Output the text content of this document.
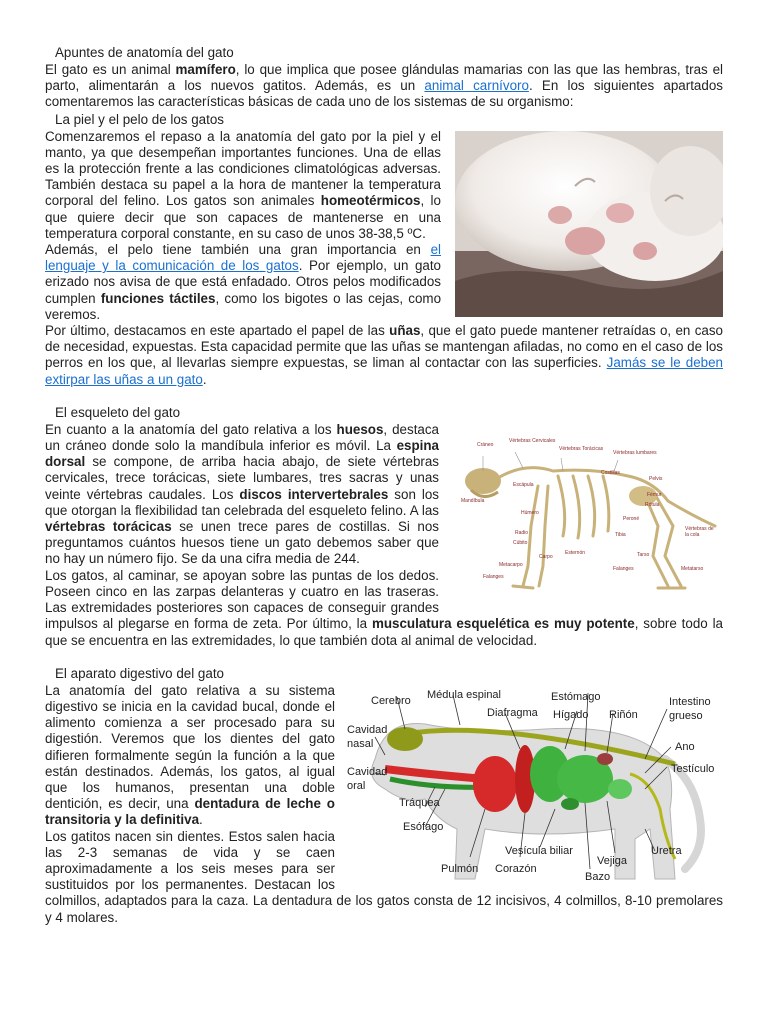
Apuntes de anatomía del gato

El gato es un animal mamífero, lo que implica que posee glándulas mamarias con las que las hembras, tras el parto, alimentarán a los nuevos gatitos. Además, es un animal carnívoro. En los siguientes apartados comentaremos las características básicas de cada uno de los sistemas de su organismo:

La piel y el pelo de los gatos

Comenzaremos el repaso a la anatomía del gato por la piel y el manto, ya que desempeñan importantes funciones. Una de ellas es la protección frente a las condiciones climatológicas adversas. También destaca su papel a la hora de mantener la temperatura corporal del felino. Los gatos son animales homeotérmicos, lo que quiere decir que son capaces de mantenerse en una temperatura corporal constante, en su caso de unos 38-38,5 ºC.

Además, el pelo tiene también una gran importancia en el lenguaje y la comunicación de los gatos. Por ejemplo, un gato erizado nos avisa de que está enfadado. Otros pelos modificados cumplen funciones táctiles, como los bigotes o las cejas, como veremos.

Por último, destacamos en este apartado el papel de las uñas, que el gato puede mantener retraídas o, en caso de necesidad, expuestas. Esta capacidad permite que las uñas se mantengan afiladas, no como en el caso de los perros en los que, al llevarlas siempre expuestas, se liman al contactar con las superficies. Jamás se le deben extirpar las uñas a un gato.

El esqueleto del gato
Cráneo
Vértebras Cervicales
Vértebras Torácicas
Vértebras lumbares
Escápula
Mandíbula
Húmero
Radio
Cúbito
Carpo
Metacarpo
Falanges
Esternón
Costillas
Pelvis
Fémur
Rótula
Peroné
Tibia
Tarso
Metatarso
Falanges
Vértebras de la cola

En cuanto a la anatomía del gato relativa a los huesos, destaca un cráneo donde solo la mandíbula inferior es móvil. La espina dorsal se compone, de arriba hacia abajo, de siete vértebras cervicales, trece torácicas, siete lumbares, tres sacras y unas veinte vértebras caudales. Los discos intervertebrales son los que otorgan la flexibilidad tan celebrada del esqueleto felino. A las vértebras torácicas se unen trece pares de costillas. Si nos preguntamos cuántos huesos tiene un gato debemos saber que no hay un número fijo. Se da una cifra media de 244.

Los gatos, al caminar, se apoyan sobre las puntas de los dedos. Poseen cinco en las zarpas delanteras y cuatro en las traseras. Las extremidades posteriores son capaces de conseguir grandes impulsos al plegarse en forma de zeta. Por último, la musculatura esquelética es muy potente, sobre todo la que se encuentra en las extremidades, lo que también dota al animal de velocidad.

El aparato digestivo del gato
Cerebro Médula espinal	Estómago	Intestino grueso
Diafragma Hígado Riñón
Cavidad nasal	Ano
Cavidad oral
Testículo
Tráquea
Esófago
Vesícula biliar
Vejiga
Uretra
Pulmón Corazón
Bazo

La anatomía del gato relativa a su sistema digestivo se inicia en la cavidad bucal, donde el alimento comienza a ser procesado para su digestión. Veremos que los dientes del gato difieren formalmente según la función a la que están destinados. Además, los gatos, al igual que los humanos, presentan una doble dentición, es decir, una dentadura de leche o transitoria y la definitiva.

Los gatitos nacen sin dientes. Estos salen hacia las 2-3 semanas de vida y se caen aproximadamente a los seis meses para ser sustituidos por los permanentes. Destacan los colmillos, adaptados para la caza. La dentadura de los gatos consta de 12 incisivos, 4 colmillos, 8-10 premolares y 4 molares.
